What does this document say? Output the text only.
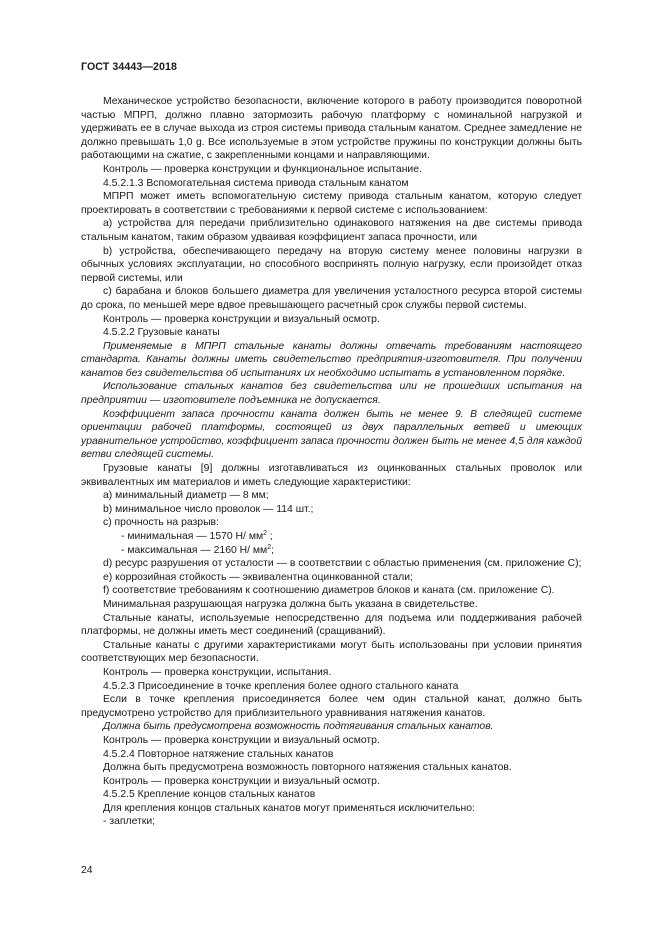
ГОСТ 34443—2018

Механическое устройство безопасности, включение которого в работу производится поворотной частью МПРП, должно плавно затормозить рабочую платформу с номинальной нагрузкой и удерживать ее в случае выхода из строя системы привода стальным канатом. Среднее замедление не должно превышать 1,0 g. Все используемые в этом устройстве пружины по конструкции должны быть работающими на сжатие, с закрепленными концами и направляющими.

Контроль — проверка конструкции и функциональное испытание.

4.5.2.1.3 Вспомогательная система привода стальным канатом

МПРП может иметь вспомогательную систему привода стальным канатом, которую следует проектировать в соответствии с требованиями к первой системе с использованием:

а) устройства для передачи приблизительно одинакового натяжения на две системы привода стальным канатом, таким образом удваивая коэффициент запаса прочности, или

b) устройства, обеспечивающего передачу на вторую систему менее половины нагрузки в обычных условиях эксплуатации, но способного воспринять полную нагрузку, если произойдет отказ первой системы, или

c) барабана и блоков большего диаметра для увеличения усталостного ресурса второй системы до срока, по меньшей мере вдвое превышающего расчетный срок службы первой системы.

Контроль — проверка конструкции и визуальный осмотр.

4.5.2.2 Грузовые канаты

Применяемые в МПРП стальные канаты должны отвечать требованиям настоящего стандарта. Канаты должны иметь свидетельство предприятия-изготовителя. При получении канатов без свидетельства об испытаниях их необходимо испытать в установленном порядке.

Использование стальных канатов без свидетельства или не прошедших испытания на предприятии — изготовителе подъемника не допускается.

Коэффициент запаса прочности каната должен быть не менее 9. В следящей системе ориентации рабочей платформы, состоящей из двух параллельных ветвей и имеющих уравнительное устройство, коэффициент запаса прочности должен быть не менее 4,5 для каждой ветви следящей системы.

Грузовые канаты [9] должны изготавливаться из оцинкованных стальных проволок или эквивалентных им материалов и иметь следующие характеристики:

а) минимальный диаметр — 8 мм;

b) минимальное число проволок — 114 шт.;

c) прочность на разрыв:

- минимальная — 1570 Н/ $мм^2$ ;

- максимальная — 2160 Н/ $мм^2$;

d) ресурс разрушения от усталости — в соответствии с областью применения (см. приложение С);

е) коррозийная стойкость — эквивалентна оцинкованной стали;

f) соответствие требованиям к соотношению диаметров блоков и каната (см. приложение С).

Минимальная разрушающая нагрузка должна быть указана в свидетельстве.

Стальные канаты, используемые непосредственно для подъема или поддерживания рабочей платформы, не должны иметь мест соединений (сращиваний).

Стальные канаты с другими характеристиками могут быть использованы при условии принятия соответствующих мер безопасности.

Контроль — проверка конструкции, испытания.

4.5.2.3 Присоединение в точке крепления более одного стального каната

Если в точке крепления присоединяется более чем один стальной канат, должно быть предусмотрено устройство для приблизительного уравнивания натяжения канатов.

Должна быть предусмотрена возможность подтягивания стальных канатов.

Контроль — проверка конструкции и визуальный осмотр.

4.5.2.4 Повторное натяжение стальных канатов

Должна быть предусмотрена возможность повторного натяжения стальных канатов.

Контроль — проверка конструкции и визуальный осмотр.

4.5.2.5 Крепление концов стальных канатов

Для крепления концов стальных канатов могут применяться исключительно:

- заплетки;

24
